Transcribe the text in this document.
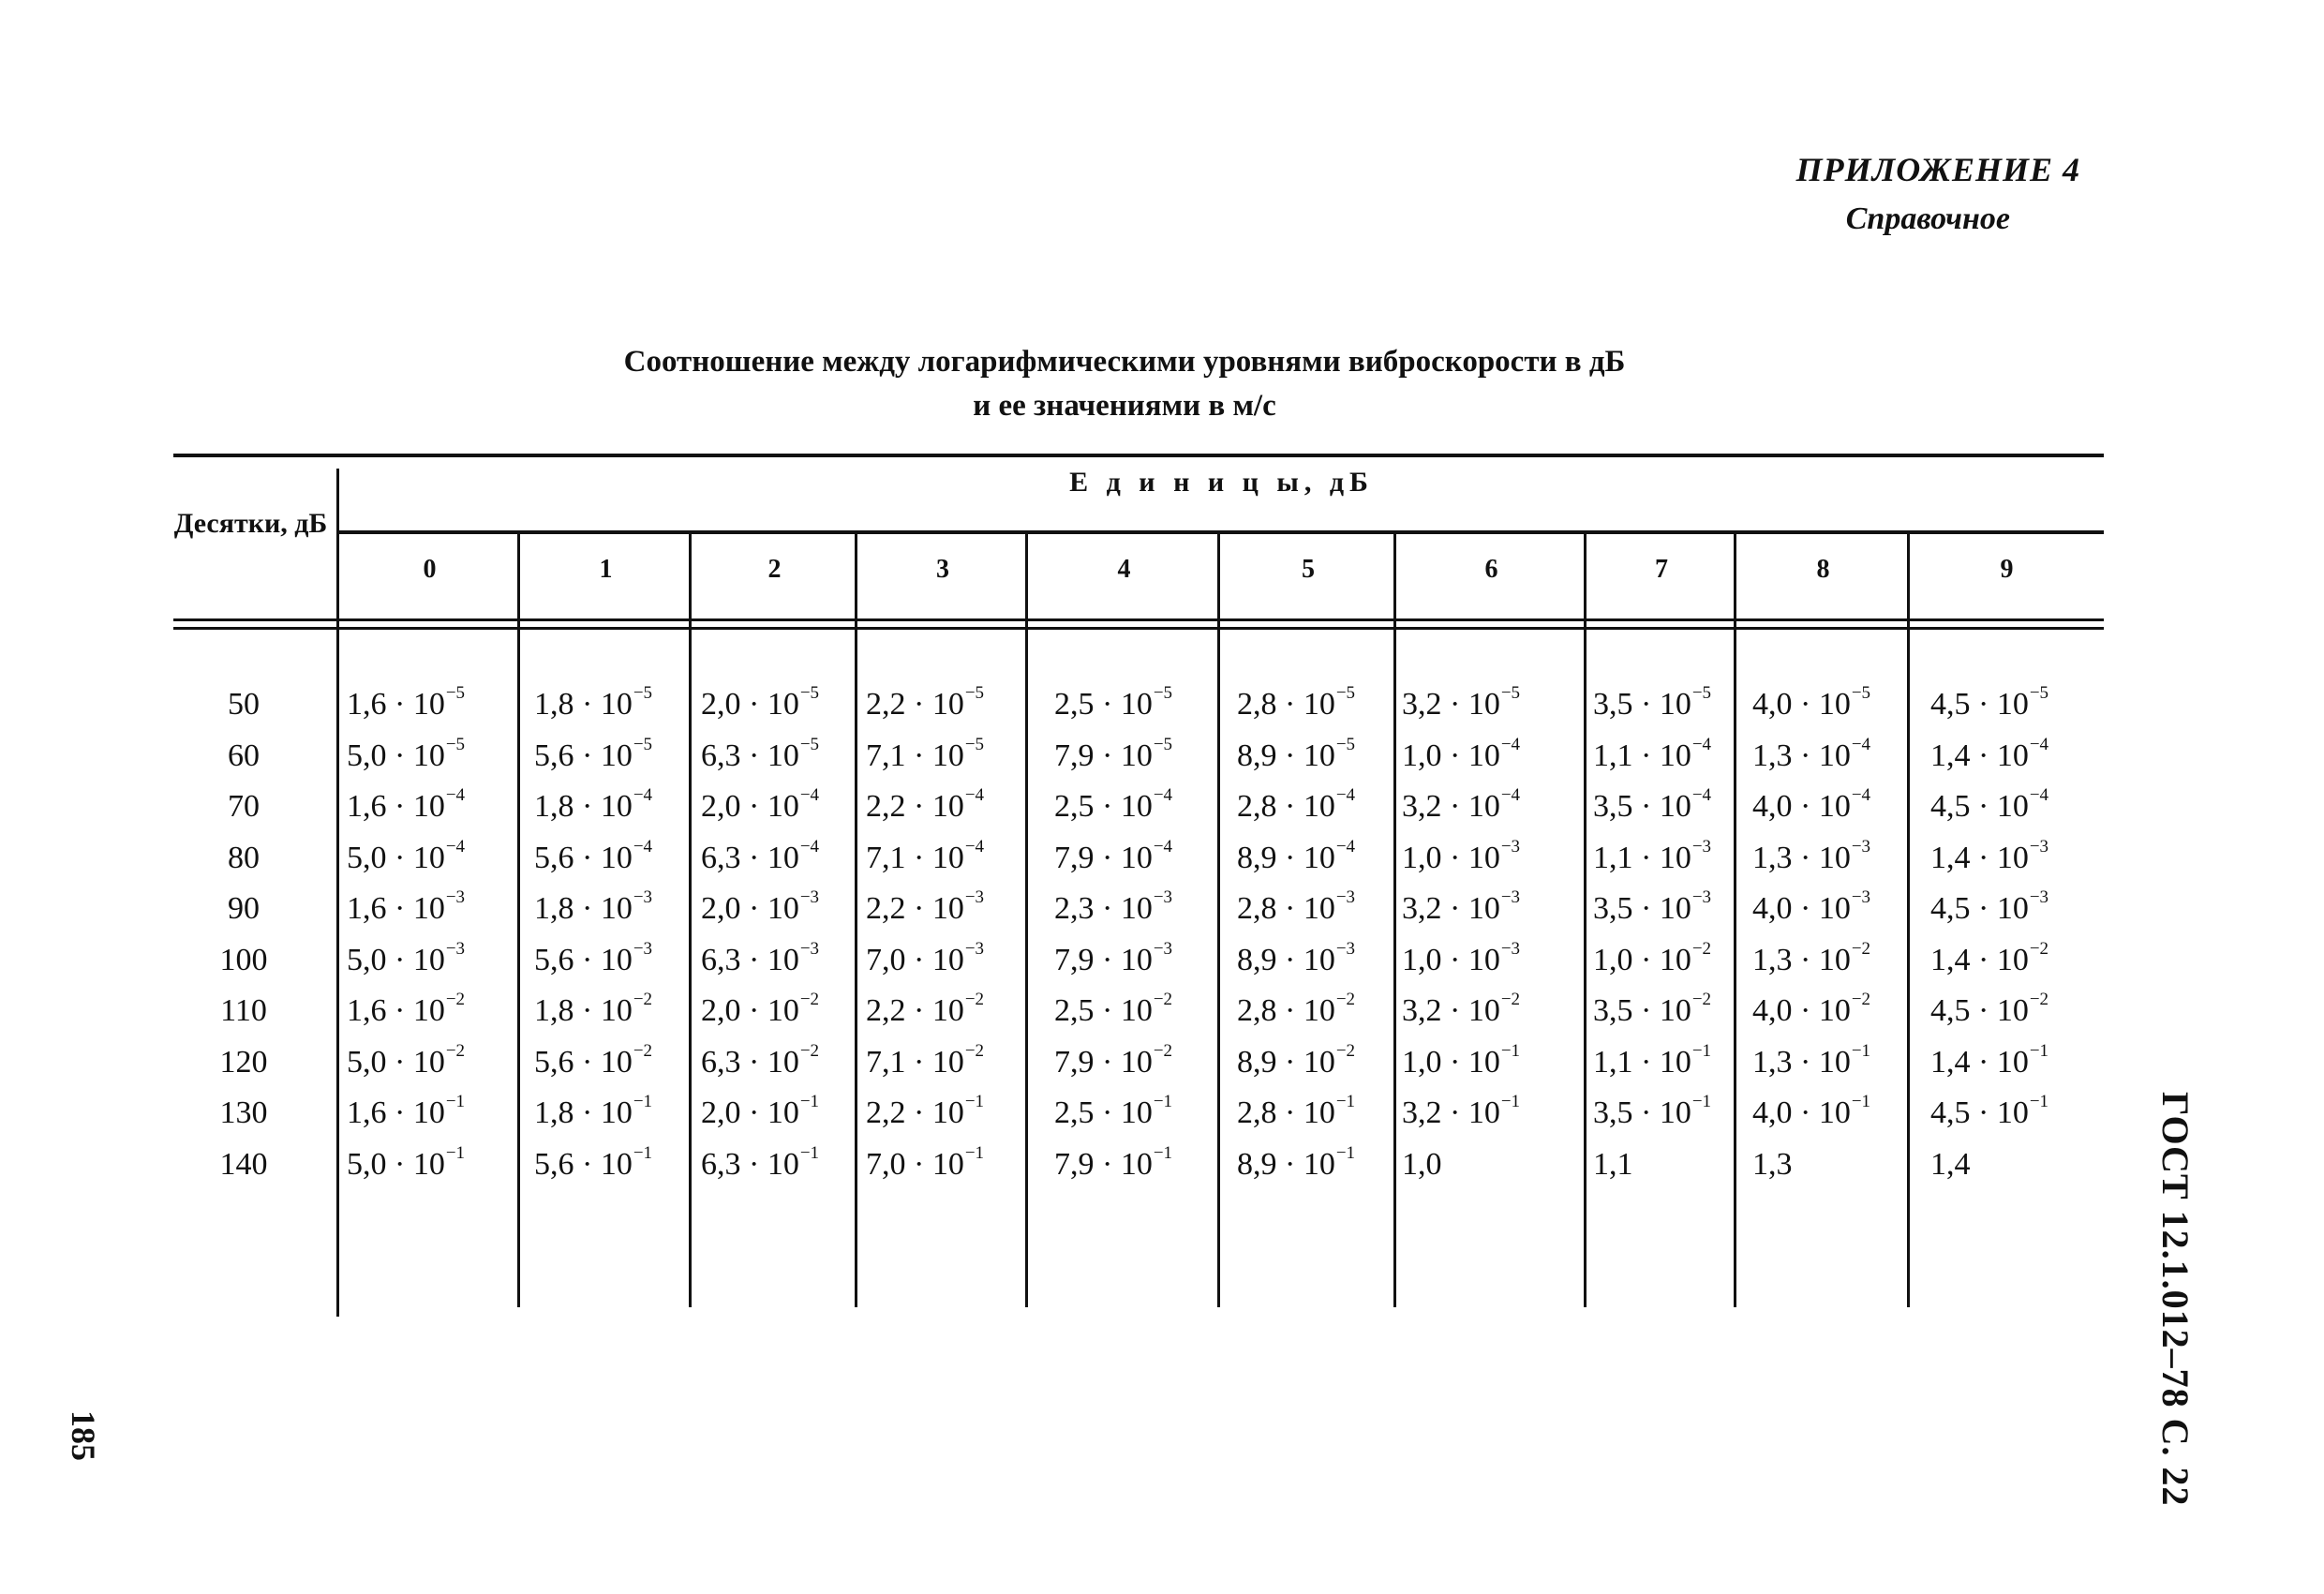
ПРИЛОЖЕНИЕ 4
Справочное
Соотношение между логарифмическими уровнями виброскорости в дБ
и ее значениями в м/с
Десятки, дБ
Е д и н и ц ы, дБ
0	1	2	3	4	5	6	7	8	9
50	$1,6 \cdot 10^{-5}$ $1,8 \cdot 10^{-5}$ $2,0 \cdot 10^{-5}$ $2,2 \cdot 10^{-5}$ $2,5 \cdot 10^{-5}$ $2,8 \cdot 10^{-5}$ $3,2 \cdot 10^{-5}$ $3,5 \cdot 10^{-5}$ $4,0 \cdot 10^{-5}$ $4,5 \cdot 10^{-5}$
60	$5,0 \cdot 10^{-5}$ $5,6 \cdot 10^{-5}$ $6,3 \cdot 10^{-5}$ $7,1 \cdot 10^{-5}$ $7,9 \cdot 10^{-5}$ $8,9 \cdot 10^{-5}$ $1,0 \cdot 10^{-4}$ $1,1 \cdot 10^{-4}$ $1,3 \cdot 10^{-4}$ $1,4 \cdot 10^{-4}$
70	$1,6 \cdot 10^{-4}$ $1,8 \cdot 10^{-4}$ $2,0 \cdot 10^{-4}$ $2,2 \cdot 10^{-4}$ $2,5 \cdot 10^{-4}$ $2,8 \cdot 10^{-4}$ $3,2 \cdot 10^{-4}$ $3,5 \cdot 10^{-4}$ $4,0 \cdot 10^{-4}$ $4,5 \cdot 10^{-4}$
80	$5,0 \cdot 10^{-4}$ $5,6 \cdot 10^{-4}$ $6,3 \cdot 10^{-4}$ $7,1 \cdot 10^{-4}$ $7,9 \cdot 10^{-4}$ $8,9 \cdot 10^{-4}$ $1,0 \cdot 10^{-3}$ $1,1 \cdot 10^{-3}$ $1,3 \cdot 10^{-3}$ $1,4 \cdot 10^{-3}$
90	$1,6 \cdot 10^{-3}$ $1,8 \cdot 10^{-3}$ $2,0 \cdot 10^{-3}$ $2,2 \cdot 10^{-3}$ $2,3 \cdot 10^{-3}$ $2,8 \cdot 10^{-3}$ $3,2 \cdot 10^{-3}$ $3,5 \cdot 10^{-3}$ $4,0 \cdot 10^{-3}$ $4,5 \cdot 10^{-3}$
100	$5,0 \cdot 10^{-3}$ $5,6 \cdot 10^{-3}$ $6,3 \cdot 10^{-3}$ $7,0 \cdot 10^{-3}$ $7,9 \cdot 10^{-3}$ $8,9 \cdot 10^{-3}$ $1,0 \cdot 10^{-3}$ $1,0 \cdot 10^{-2}$ $1,3 \cdot 10^{-2}$ $1,4 \cdot 10^{-2}$
110	$1,6 \cdot 10^{-2}$ $1,8 \cdot 10^{-2}$ $2,0 \cdot 10^{-2}$ $2,2 \cdot 10^{-2}$ $2,5 \cdot 10^{-2}$ $2,8 \cdot 10^{-2}$ $3,2 \cdot 10^{-2}$ $3,5 \cdot 10^{-2}$ $4,0 \cdot 10^{-2}$ $4,5 \cdot 10^{-2}$
120	$5,0 \cdot 10^{-2}$ $5,6 \cdot 10^{-2}$ $6,3 \cdot 10^{-2}$ $7,1 \cdot 10^{-2}$ $7,9 \cdot 10^{-2}$ $8,9 \cdot 10^{-2}$ $1,0 \cdot 10^{-1}$ $1,1 \cdot 10^{-1}$ $1,3 \cdot 10^{-1}$ $1,4 \cdot 10^{-1}$
130	$1,6 \cdot 10^{-1}$ $1,8 \cdot 10^{-1}$ $2,0 \cdot 10^{-1}$ $2,2 \cdot 10^{-1}$ $2,5 \cdot 10^{-1}$ $2,8 \cdot 10^{-1}$ $3,2 \cdot 10^{-1}$ $3,5 \cdot 10^{-1}$ $4,0 \cdot 10^{-1}$ $4,5 \cdot 10^{-1}$
140	$5,0 \cdot 10^{-1}$ $5,6 \cdot 10^{-1}$ $6,3 \cdot 10^{-1}$ $7,0 \cdot 10^{-1}$ $7,9 \cdot 10^{-1}$ $8,9 \cdot 10^{-1}$ 1,0	1,1	1,3	1,4
185	ГОСТ 12.1.012–78 С. 22
